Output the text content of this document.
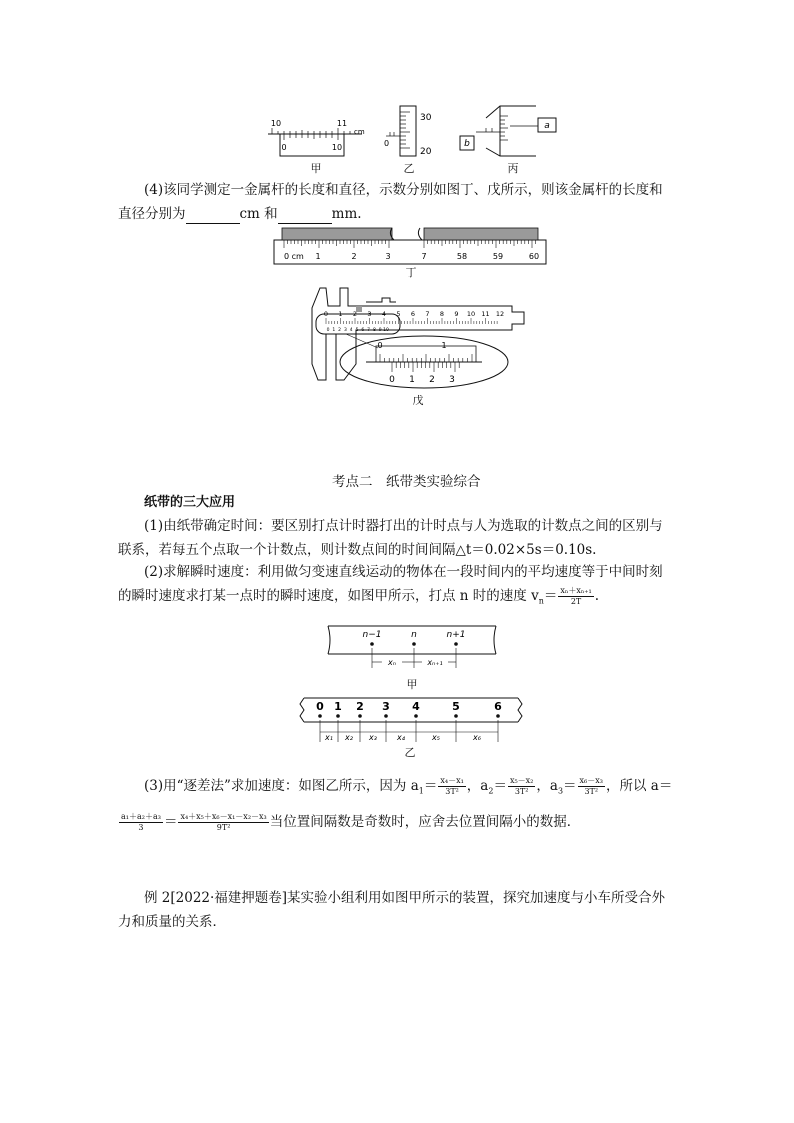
10	11
cm
0	10
甲
30
0
20
乙
b
a
丙
(4)该同学测定一金属杆的长度和直径，示数分别如图丁、戊所示，则该金属杆的长度和
直径分别为	cm 和	mm.
0 cm 1	2	3	7	58	59	60
丁
0 1 2 3 4 5 6 7 8 9 10 11 12
0 1 2 3 4 5 6 7 8 9 10
0	1
0 1 2 3
戊
考点二　纸带类实验综合
纸带的三大应用
(1)由纸带确定时间：要区别打点计时器打出的计时点与人为选取的计数点之间的区别与
联系，若每五个点取一个计数点，则计数点间的时间间隔△t＝0.02×5s＝0.10s.
(2)求解瞬时速度：利用做匀变速直线运动的物体在一段时间内的平均速度等于中间时刻
的瞬时速度求打某一点时的瞬时速度，如图甲所示，打点 n 时的速度 $v_n= \frac{\text{xₙ＋xₙ₊₁}}{2T}$ .
n−1	n	n+1
xₙ	xₙ₊₁
甲
0 1 2 3 4	5	6
x₁ x₂ x₃	x₄	x₅	x₆
乙
(3)用“逐差法”求加速度：如图乙所示，因为 $a_1= \frac{\text{x₄－x₁}}{\text{3T²}}$ ，$a_2= \frac{\text{x₅－x₂}}{\text{3T²}}$ ，$a_3= \frac{\text{x₆－x₃}}{\text{3T²}}$ ，所以 a＝
$\frac{\text{a₁＋a₂＋a₃}}{3} = \frac{\text{x₄＋x₅＋x₆－x₁－x₂－x₃}}{\text{9T²}}$ 当位置间隔数是奇数时，应舍去位置间隔小的数据．
例 2[2022·福建押题卷]某实验小组利用如图甲所示的装置，探究加速度与小车所受合外
力和质量的关系．
